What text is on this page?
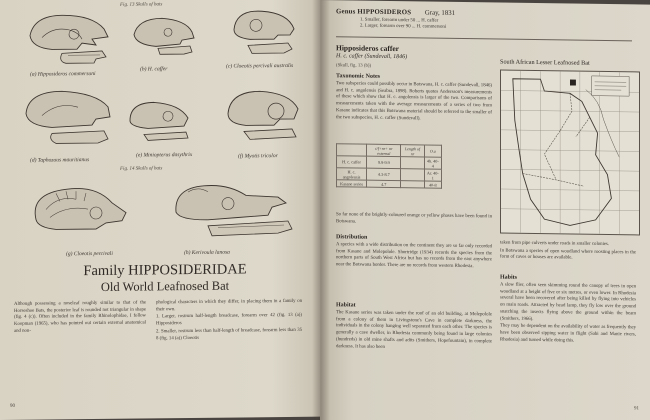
Fig. 13 Skulls of bats
(a) Hipposideros commersoni
(b) H. caffer	(c) Cloeotis percivali australis
(d) Taphozous mauritianus
(e) Miniopterus dasythrix	(f) Myotis tricolor
Fig. 14 Skulls of bats
(g) Cloeotis percivali	(h) Kerivoula lanosa
Family HIPPOSIDERIDAE
Old World Leafnosed Bat

Although possessing a noseleaf roughly similar to that of the Horseshoe Bats, the posterior leaf is rounded not triangular in shape (fig. 4 (c)). Often included in the family Rhinolophidae, I follow Koopman (1965), who has pointed out certain external anatomical and non-

phological characters in which they differ, in placing them in a family on their own.

1. Larger, rostrum half-length breadcase, forearm over 42 (fig. 13 (a)) Hipposideros

2. Smaller, rostrum less than half-length of breadcase, forearm less than 35 8 (fig. 14 (a)) Cloeotis

90
Genus HIPPOSIDEROS Gray, 1831
1. Smaller, forearm under 50 ... H. caffer
2. Larger, forearm over 90 ... H. commersoni
Hipposideros caffer
H. c. caffer (Sundevall, 1846)
(Skull, fig. 13 (b))	South African Lesser Leafnosed Bat
Taxonomic Notes

Two subspecies could possibly occur in Botswana, H. c. caffer (Sundevall, 1846) and H. c. angolensis (Seabra, 1898). Roberts quotes Andersson's measurements of these which show that H. c. angolensis is larger of the two. Comparisons of measurements taken with the average measurements of a series of two from Kasane indicates that this Botswana material should be referred to the smaller of the two subspecies, H. c. caffer (Sundevall).

	c/f+nr+ nr external	Length of nr	O.a
H. c. caffer	9.9-9.9		4b. 40-4
H. c. angolensis	4.3-8.7		Ar. 40-1
Kasane series	4.7		40-8

So far none of the brightly-coloured orange or yellow phases have been found in Botswana.

Distribution

A species with a wide distribution on the continent they are so far only recorded from Kasane and Molepolole. Shortridge (1934) records the species from the northern parts of South West Africa but has no records from the east anywhere near the Botswana border. There are no records from western Rhodesia.

Habitat

The Kasane series was taken under the roof of an old building, at Molepolole from a colony of them in Livingstone's Cave in complete darkness, the individuals in the colony hanging well separated from each other. The species is generally a cave dweller, in Rhodesia commonly being found in large colonies (hundreds) in old mine shafts and adits (Smithers, Hopefountain), in complete darkness. It has also been

taken from pipe culverts under roads in smaller colonies.

In Botswana a species of open woodland where roosting places in the form of caves or houses are available.

Habits

A slow flier, often seen skimming round the canopy of trees in open woodland at a height of five or six metres, or even lower. In Rhodesia several have been recovered after being killed by flying into vehicles on main roads. Attracted by head lamp, they fly low over the ground snatching the insects flying above the ground within the beam (Smithers, 1966).

They may be dependent on the availability of water as frequently they have been observed sipping water in flight (Sabi and Manie rivers, Rhodesia) and turned while doing this.

91
